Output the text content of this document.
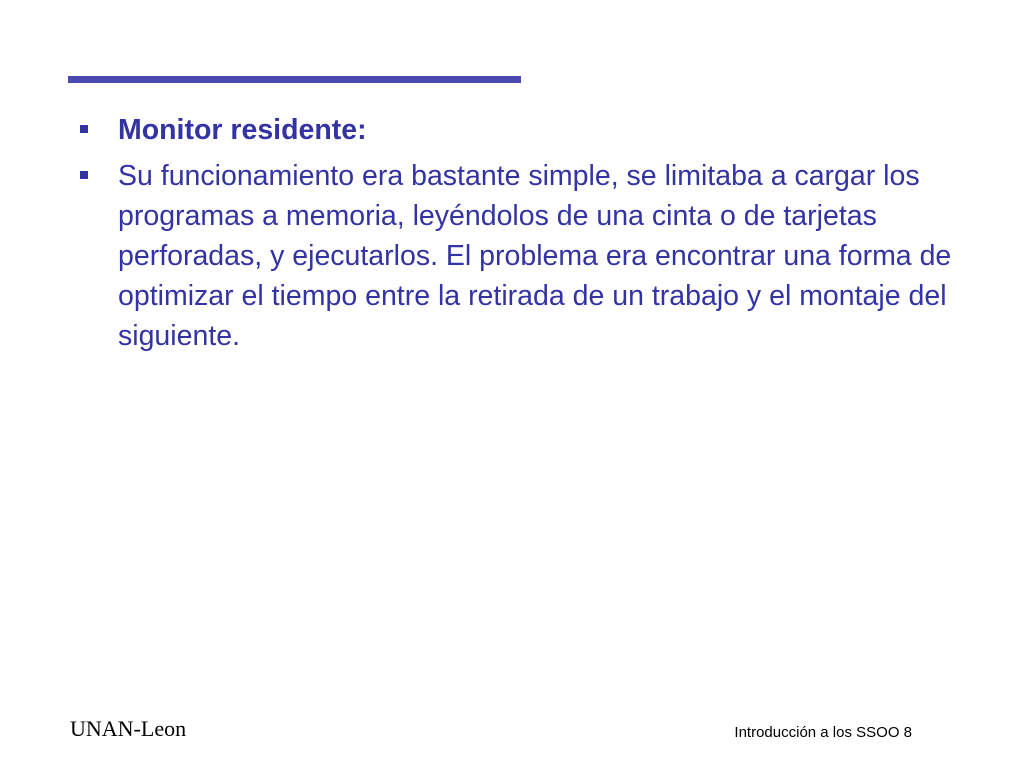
Monitor residente:
Su funcionamiento era bastante simple, se limitaba a cargar los programas a memoria, leyéndolos de una cinta o de tarjetas perforadas, y ejecutarlos. El problema era encontrar una forma de optimizar el tiempo entre la retirada de un trabajo y el montaje del siguiente.
UNAN-Leon	Introducción a los SSOO 8
